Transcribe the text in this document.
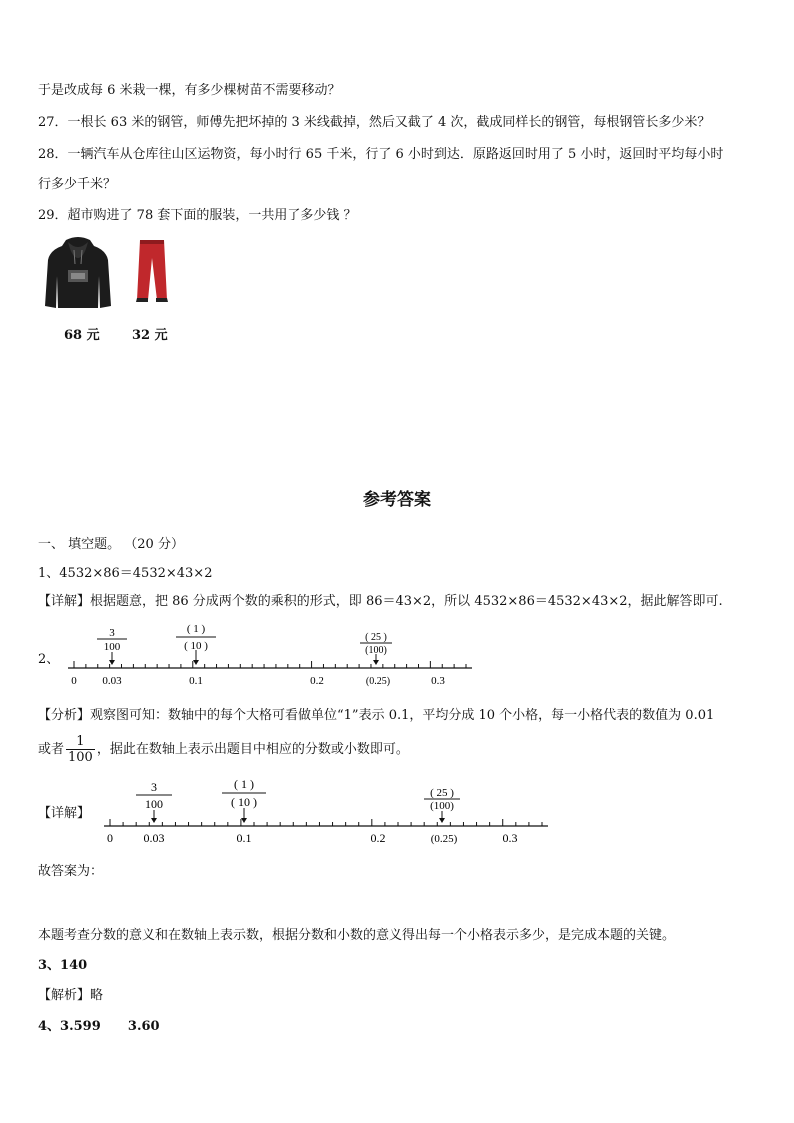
于是改成每 6 米栽一棵，有多少棵树苗不需要移动？
27．一根长 63 米的钢管，师傅先把坏掉的 3 米线截掉，然后又截了 4 次，截成同样长的钢管，每根钢管长多少米？
28．一辆汽车从仓库往山区运物资，每小时行 65 千米，行了 6 小时到达．原路返回时用了 5 小时，返回时平均每小时
行多少千米？
29．超市购进了 78 套下面的服装，一共用了多少钱 ？
68 元 32 元
参考答案
一、 填空题。 （20 分）
1、4532×86＝4532×43×2
【详解】根据题意，把 86 分成两个数的乘积的形式，即 86＝43×2，所以 4532×86＝4532×43×2，据此解答即可.
2、
3
100
( 1 )
( 10 )
( 25 )
(100)
0 0.03	0.1	0.2	(0.25)	0.3
【分析】观察图可知：数轴中的每个大格可看做单位“1”表示 0.1，平均分成 10 个小格，每一小格代表的数值为 0.01
或者 $\frac{1}{100}$ ，据此在数轴上表示出题目中相应的分数或小数即可。
【详解】
3
100
( 1 )
( 10 )
( 25 )
(100)
0	0.03	0.1	0.2	(0.25)	0.3
故答案为：
本题考查分数的意义和在数轴上表示数，根据分数和小数的意义得出每一个小格表示多少，是完成本题的关键。
3、140
【解析】略
4、3.599      3.60
